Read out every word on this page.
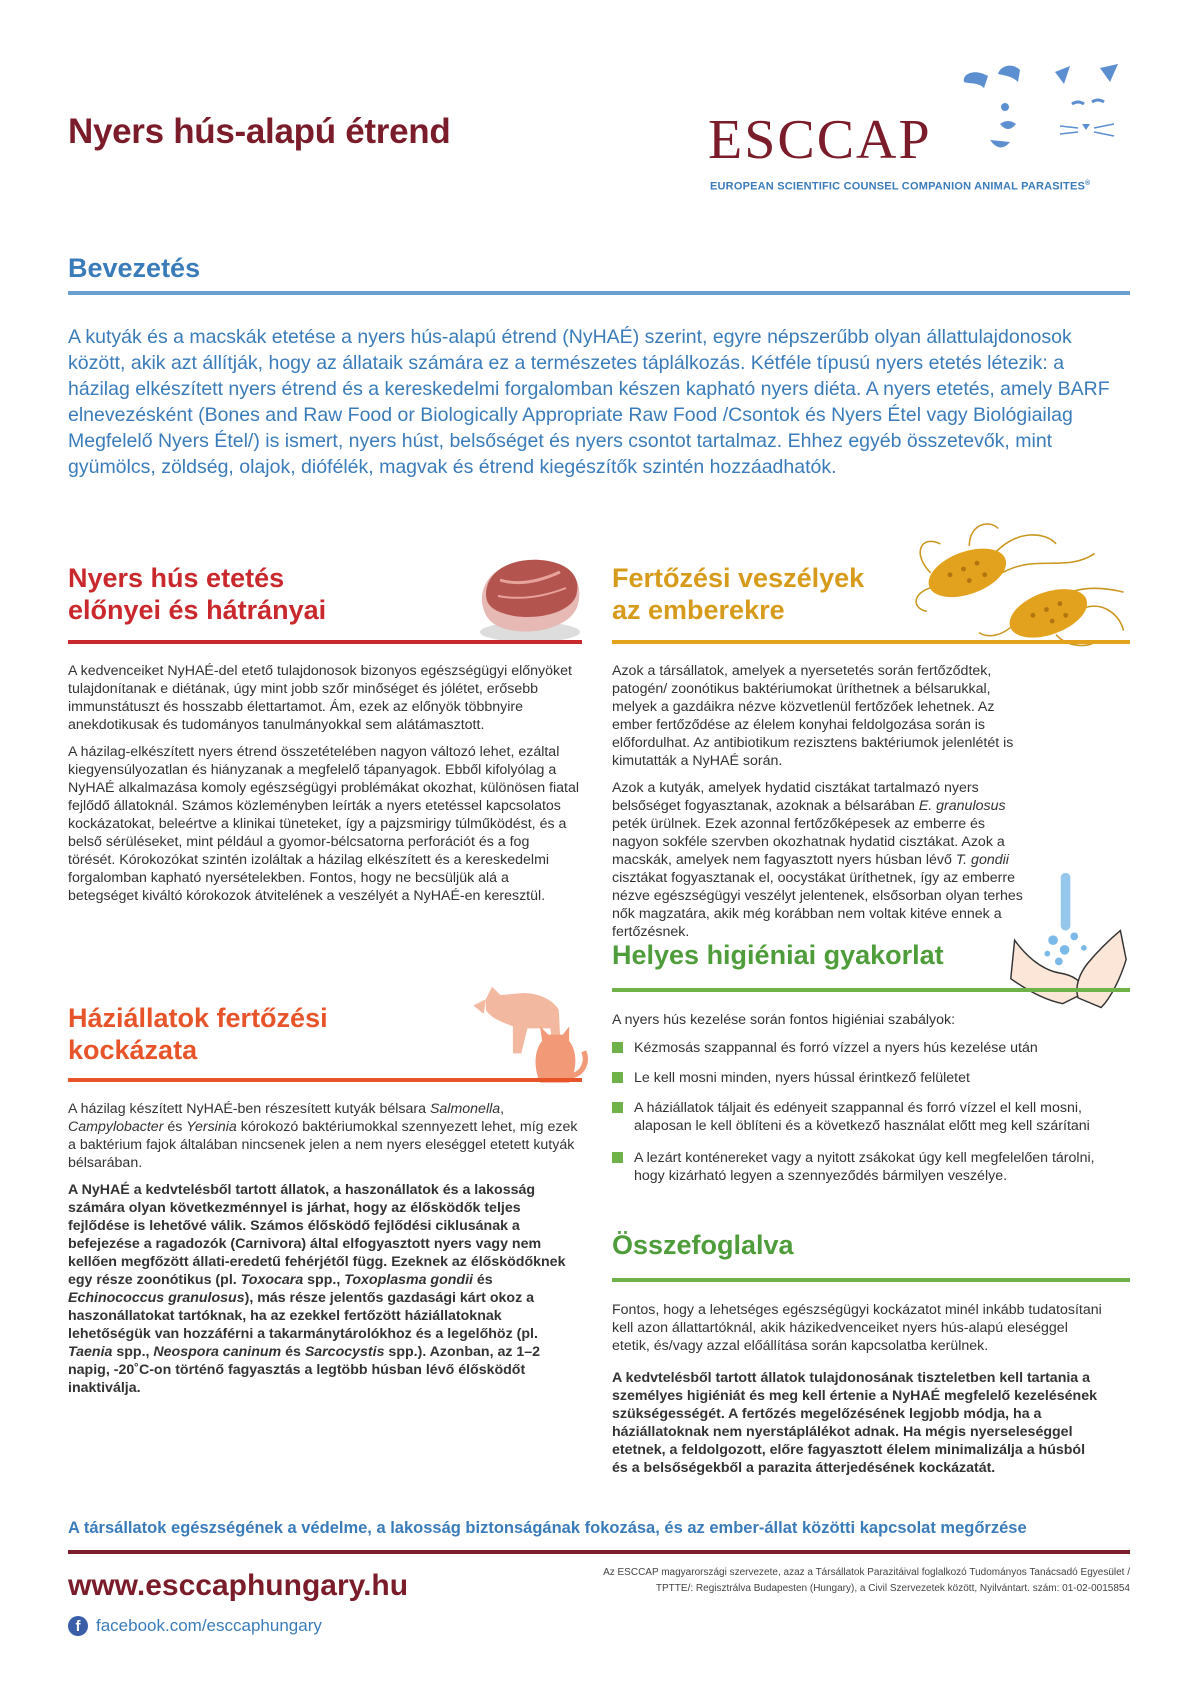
Nyers hús-alapú étrend	ESCCAP
EUROPEAN SCIENTIFIC COUNSEL COMPANION ANIMAL PARASITES®
Bevezetés
A kutyák és a macskák etetése a nyers hús-alapú étrend (NyHAÉ) szerint, egyre népszerűbb olyan állattulajdonosok között, akik azt állítják, hogy az állataik számára ez a természetes táplálkozás. Kétféle típusú nyers etetés létezik: a házilag elkészített nyers étrend és a kereskedelmi forgalomban készen kapható nyers diéta. A nyers etetés, amely BARF elnevezésként (Bones and Raw Food or Biologically Appropriate Raw Food /Csontok és Nyers Étel vagy Biológiailag Megfelelő Nyers Étel/) is ismert, nyers húst, belsőséget és nyers csontot tartalmaz. Ehhez egyéb összetevők, mint gyümölcs, zöldség, olajok, diófélék, magvak és étrend kiegészítők szintén hozzáadhatók.
Nyers hús etetés
előnyei és hátrányai

A kedvenceiket NyHAÉ-del etető tulajdonosok bizonyos egészségügyi előnyöket tulajdonítanak e diétának, úgy mint jobb szőr minőséget és jólétet, erősebb immunstátuszt és hosszabb élettartamot. Ám, ezek az előnyök többnyire anekdotikusak és tudományos tanulmányokkal sem alátámasztott.

A házilag-elkészített nyers étrend összetételében nagyon változó lehet, ezáltal kiegyensúlyozatlan és hiányzanak a megfelelő tápanyagok. Ebből kifolyólag a NyHAÉ alkalmazása komoly egészségügyi problémákat okozhat, különösen fiatal fejlődő állatoknál. Számos közleményben leírták a nyers etetéssel kapcsolatos kockázatokat, beleértve a klinikai tüneteket, így a pajzsmirigy túlműködést, és a belső sérüléseket, mint például a gyomor-bélcsatorna perforációt és a fog törését. Kórokozókat szintén izoláltak a házilag elkészített és a kereskedelmi forgalomban kapható nyersételekben. Fontos, hogy ne becsüljük alá a betegséget kiváltó kórokozok átvitelének a veszélyét a NyHAÉ-en keresztül.

Háziállatok fertőzési
kockázata

A házilag készített NyHAÉ-ben részesített kutyák bélsara Salmonella, Campylobacter és Yersinia kórokozó baktériumokkal szennyezett lehet, míg ezek a baktérium fajok általában nincsenek jelen a nem nyers eleséggel etetett kutyák bélsarában.

A NyHAÉ a kedvtelésből tartott állatok, a haszonállatok és a lakosság számára olyan következménnyel is járhat, hogy az élősködők teljes fejlődése is lehetővé válik. Számos élősködő fejlődési ciklusának a befejezése a ragadozók (Carnivora) által elfogyasztott nyers vagy nem kellően megfőzött állati-eredetű fehérjétől függ. Ezeknek az élősködőknek egy része zoonótikus (pl. Toxocara spp., Toxoplasma gondii és Echinococcus granulosus), más része jelentős gazdasági kárt okoz a haszonállatokat tartóknak, ha az ezekkel fertőzött háziállatoknak lehetőségük van hozzáférni a takarmánytárolókhoz és a legelőhöz (pl. Taenia spp., Neospora caninum és Sarcocystis spp.). Azonban, az 1–2 napig, -20˚C-on történő fagyasztás a legtöbb húsban lévő élősködőt inaktiválja.

Fertőzési veszélyek
az emberekre

Azok a társállatok, amelyek a nyersetetés során fertőződtek, patogén/ zoonótikus baktériumokat üríthetnek a bélsarukkal, melyek a gazdáikra nézve közvetlenül fertőzőek lehetnek. Az ember fertőződése az élelem konyhai feldolgozása során is előfordulhat. Az antibiotikum rezisztens baktériumok jelenlétét is kimutatták a NyHAÉ során.

Azok a kutyák, amelyek hydatid cisztákat tartalmazó nyers belsőséget fogyasztanak, azoknak a bélsarában E. granulosus peték ürülnek. Ezek azonnal fertőzőképesek az emberre és nagyon sokféle szervben okozhatnak hydatid cisztákat. Azok a macskák, amelyek nem fagyasztott nyers húsban lévő T. gondii cisztákat fogyasztanak el, oocystákat üríthetnek, így az emberre nézve egészségügyi veszélyt jelentenek, elsősorban olyan terhes nők magzatára, akik még korábban nem voltak kitéve ennek a fertőzésnek.

Helyes higiéniai gyakorlat

A nyers hús kezelése során fontos higiéniai szabályok:

Kézmosás szappannal és forró vízzel a nyers hús kezelése után
Le kell mosni minden, nyers hússal érintkező felületet
A háziállatok táljait és edényeit szappannal és forró vízzel el kell mosni, alaposan le kell öblíteni és a következő használat előtt meg kell szárítani
A lezárt konténereket vagy a nyitott zsákokat úgy kell megfelelően tárolni, hogy kizárható legyen a szennyeződés bármilyen veszélye.
Összefoglalva

Fontos, hogy a lehetséges egészségügyi kockázatot minél inkább tudatosítani kell azon állattartóknál, akik házikedvenceiket nyers hús-alapú eleséggel etetik, és/vagy azzal előállítása során kapcsolatba kerülnek.

A kedvtelésből tartott állatok tulajdonosának tiszteletben kell tartania a személyes higiéniát és meg kell értenie a NyHAÉ megfelelő kezelésének szükségességét. A fertőzés megelőzésének legjobb módja, ha a háziállatoknak nem nyerstáplálékot adnak. Ha mégis nyerseleséggel etetnek, a feldolgozott, előre fagyasztott élelem minimalizálja a húsból és a belsőségekből a parazita átterjedésének kockázatát.

A társállatok egészségének a védelme, a lakosság biztonságának fokozása, és az ember-állat közötti kapcsolat megőrzése
www.esccaphungary.hu
f facebook.com/esccaphungary
Az ESCCAP magyarországi szervezete, azaz a Társállatok Parazitáival foglalkozó Tudományos Tanácsadó Egyesület /
TPTTE/: Regisztrálva Budapesten (Hungary), a Civil Szervezetek között, Nyilvántart. szám: 01-02-0015854
